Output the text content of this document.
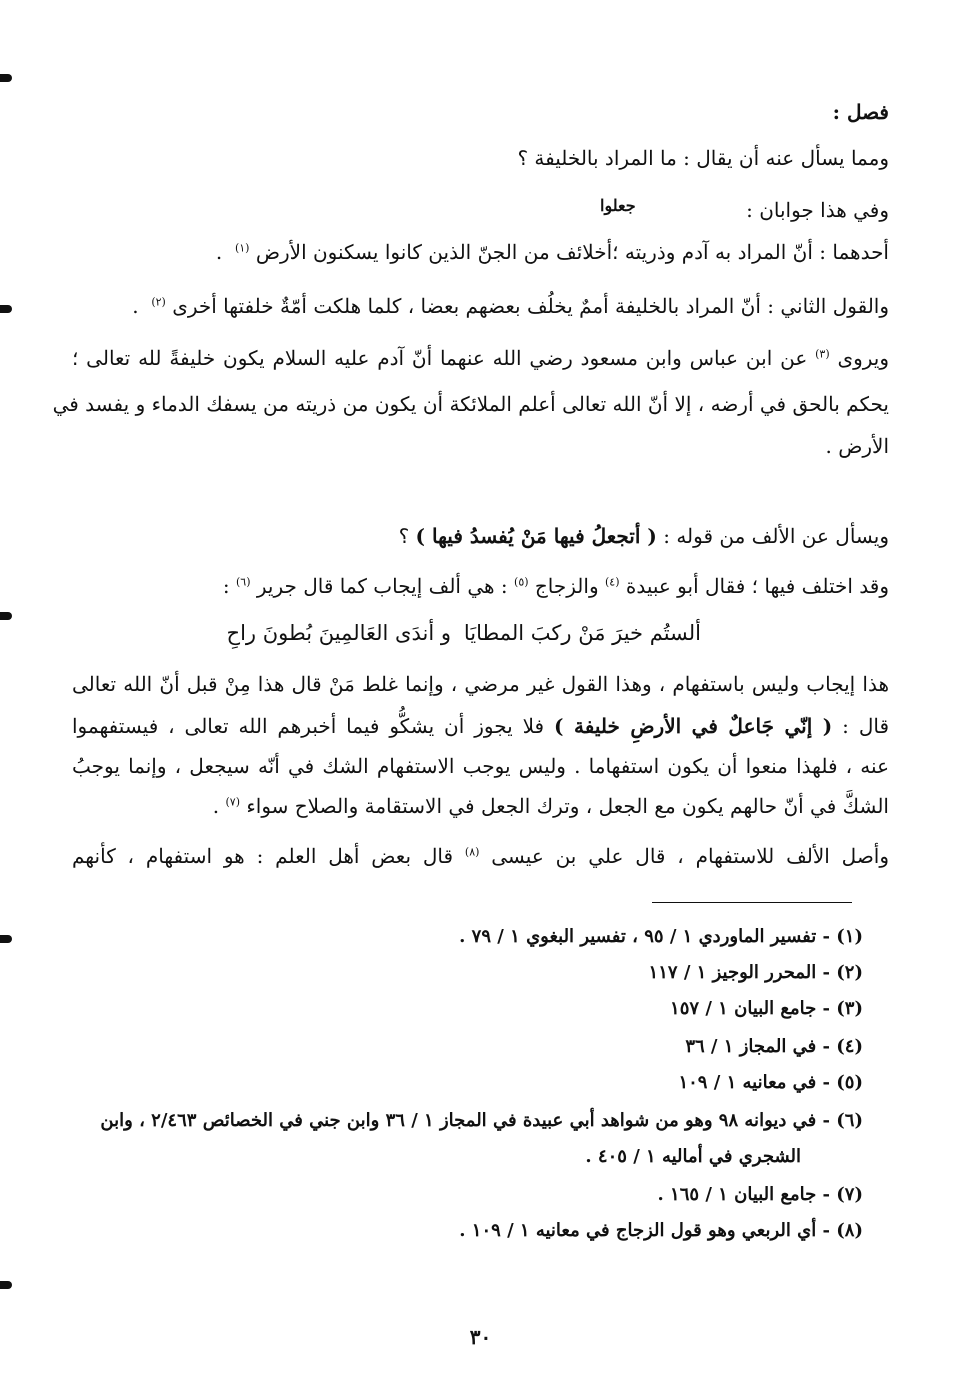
فصل :
ومما يسأل عنه أن يقال : ما المراد بالخليفة ؟
وفي هذا جوابان :
جعلوا
أحدهما : أنّ المراد به آدم وذريته ؛أخلائف من الجنّ الذين كانوا يسكنون الأرض $^{(١)}$  .
والقول الثاني : أنّ المراد بالخليفة أممٌ يخلُف بعضهم بعضا ، كلما هلكت أمّةٌ خلفتها أخرى $^{(٢)}$  .
ويروى $^{(٣)}$ عن ابن عباس وابن مسعود رضي الله عنهما أنّ آدم عليه السلام يكون خليفةً لله تعالى ؛
يحكم بالحق في أرضه ، إلا أنّ الله تعالى أعلم الملائكة أن يكون من ذريته من يسفك الدماء و يفسد في
الأرض .
ويسأل عن الألف من قوله : ( أتجعلُ فيها مَنْ يُفسدُ فيها ) ؟
وقد اختلف فيها ؛ فقال أبو عبيدة $^{(٤)}$ والزجاج $^{(٥)}$ : هي ألف إيجاب كما قال جرير $^{(٦)}$ :
ألستُم خيرَ مَنْ ركبَ المطايَا
و أندَى العَالمِينَ بُطونَ راحِ
هذا إيجاب وليس باستفهام ، وهذا القول غير مرضي ، وإنما غلط مَنْ قال هذا مِنْ قبل أنّ الله تعالى
قال : ( إنّي جَاعلٌ في الأرضِ خليفة ) فلا يجوز أن يشكُّو فيما أخبرهم الله تعالى ، فيستفهموا
عنه ، فلهذا منعوا أن يكون استفهاما . وليس يوجب الاستفهام الشك في أنّه سيجعل ، وإنما يوجبُ
الشكَّ في أنّ حالهم يكون مع الجعل ، وترك الجعل في الاستقامة والصلاح سواء $^{(٧)}$ .
وأصل الألف للاستفهام ، قال علي بن عيسى $^{(٨)}$ قال بعض أهل العلم : هو استفهام ، كأنهم
(١) - تفسير الماوردي ١ / ٩٥ ، تفسير البغوي ١ / ٧٩ .
(٢) - المحرر الوجيز ١ / ١١٧
(٣) - جامع البيان ١ / ١٥٧
(٤) - في المجاز ١ / ٣٦
(٥) - في معانيه ١ / ١٠٩
(٦) - في ديوانه ٩٨ وهو من شواهد أبي عبيدة في المجاز ١ / ٣٦ وابن جني في الخصائص ٢/٤٦٣ ، وابن
الشجري في أماليه ١ / ٤٠٥ .
(٧) - جامع البيان ١ / ١٦٥ .
(٨) - أي الربعي وهو قول الزجاج في معانيه ١ / ١٠٩ .
٣٠
